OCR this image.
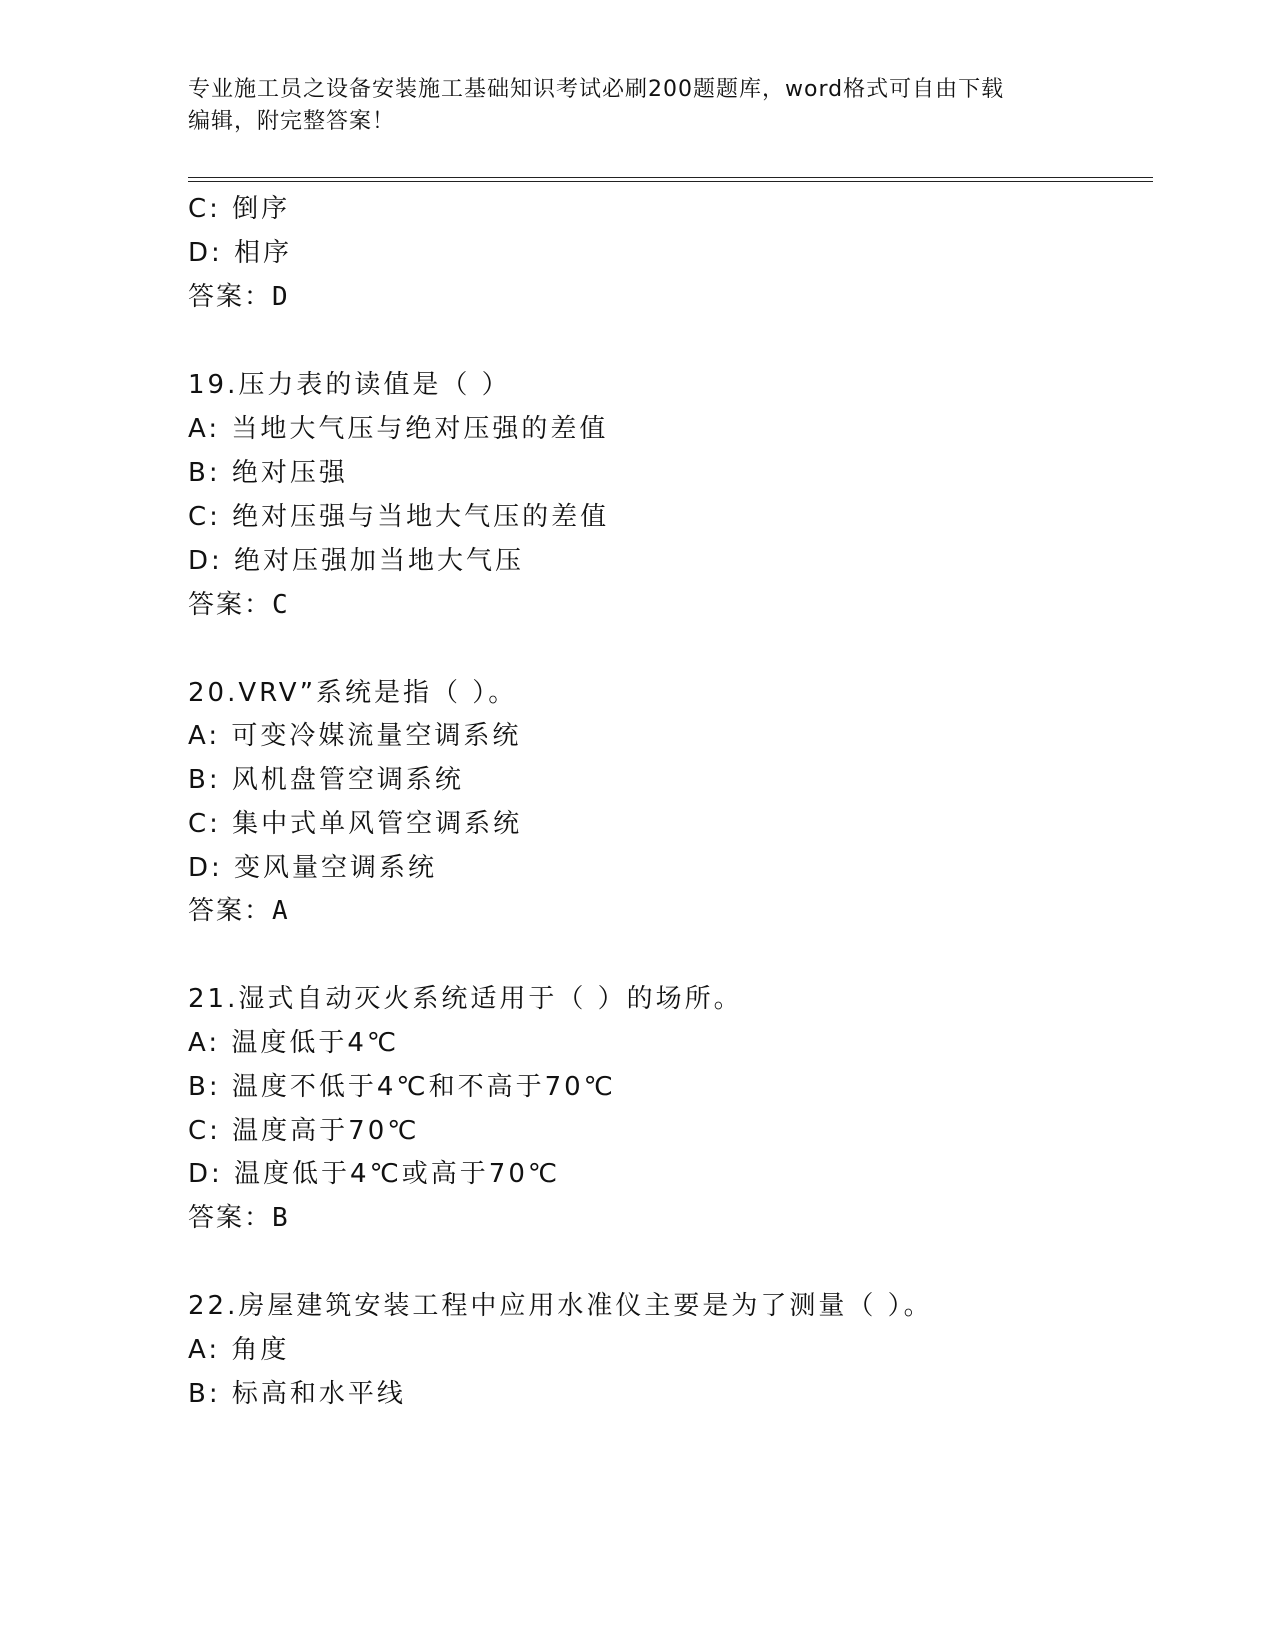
专业施工员之设备安装施工基础知识考试必刷200题题库，word格式可自由下载
编辑，附完整答案！
C: 倒序
D: 相序
答案：D
19.压力表的读值是（ ）
A: 当地大气压与绝对压强的差值
B: 绝对压强
C: 绝对压强与当地大气压的差值
D: 绝对压强加当地大气压
答案：C
20.VRV”系统是指（ ）。
A: 可变冷媒流量空调系统
B: 风机盘管空调系统
C: 集中式单风管空调系统
D: 变风量空调系统
答案：A
21.湿式自动灭火系统适用于（ ）的场所。
A: 温度低于4℃
B: 温度不低于4℃和不高于70℃
C: 温度高于70℃
D: 温度低于4℃或高于70℃
答案：B
22.房屋建筑安装工程中应用水准仪主要是为了测量（ ）。
A: 角度
B: 标高和水平线
